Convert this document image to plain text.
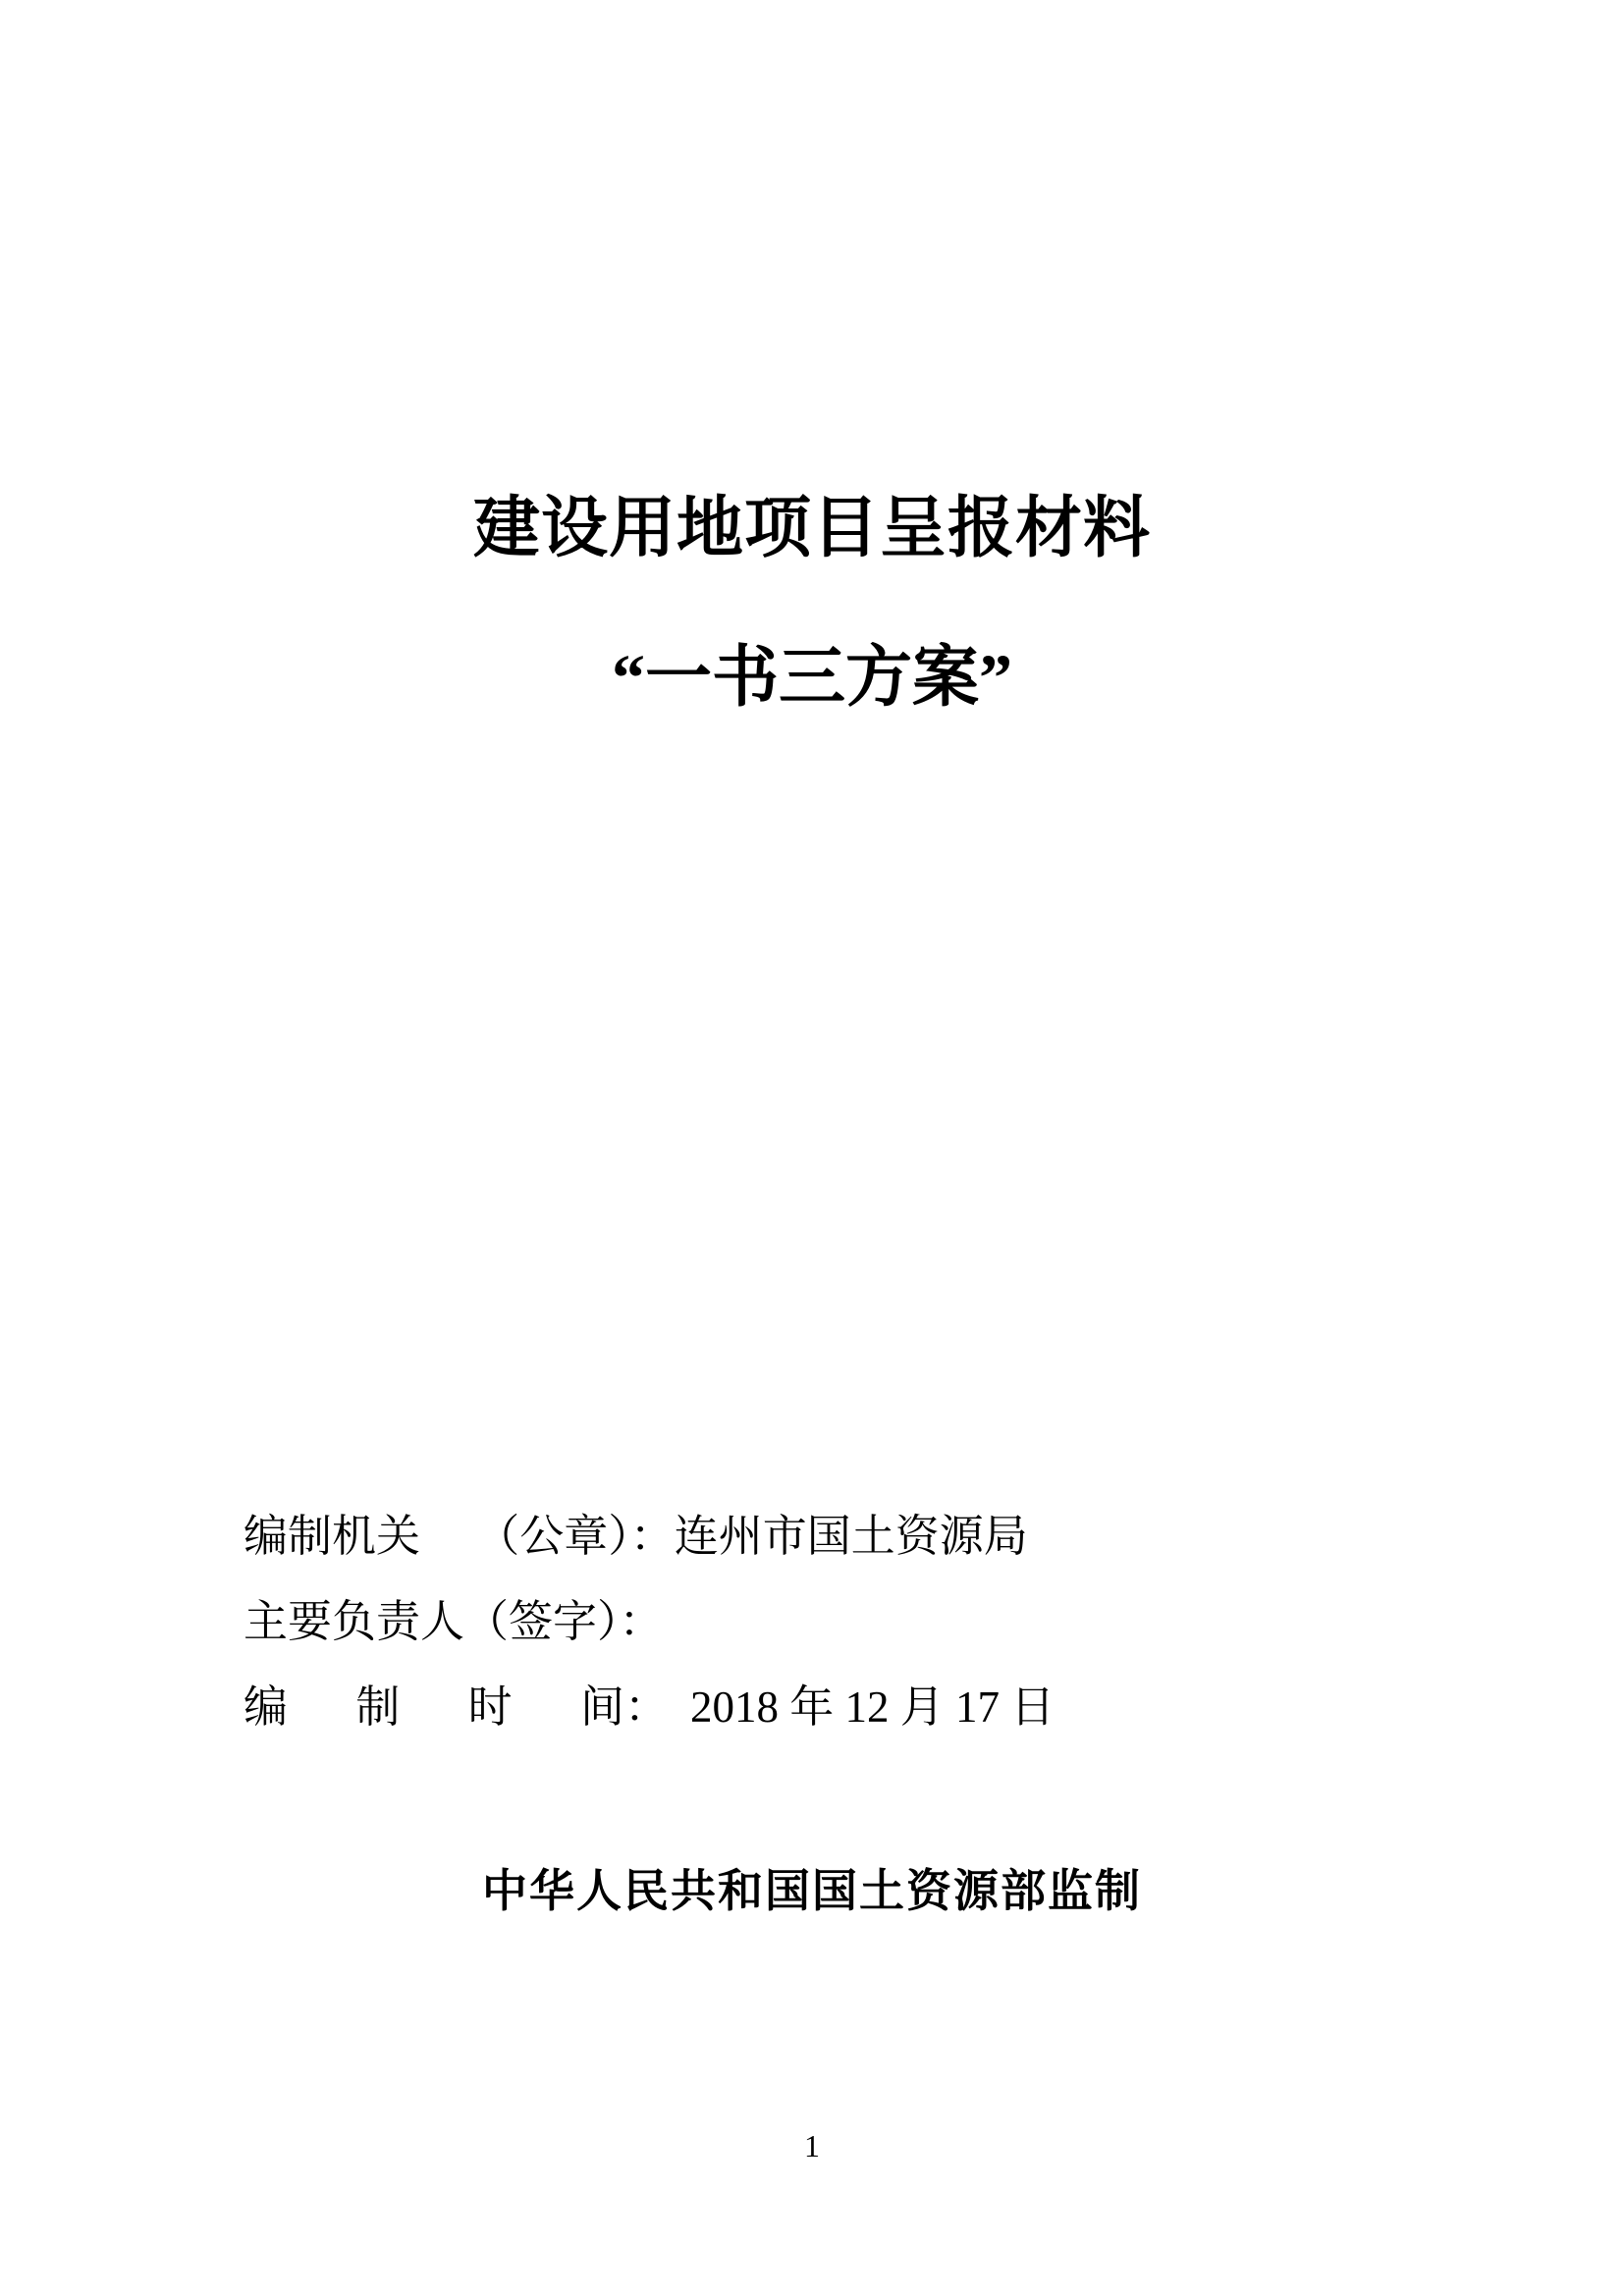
建设用地项目呈报材料
“一书三方案”
编制机关　 （公章）：连州市国土资源局
主要负责人（签字）：
编制时间： 2018 年 12 月 17 日
中华人民共和国国土资源部监制
1
